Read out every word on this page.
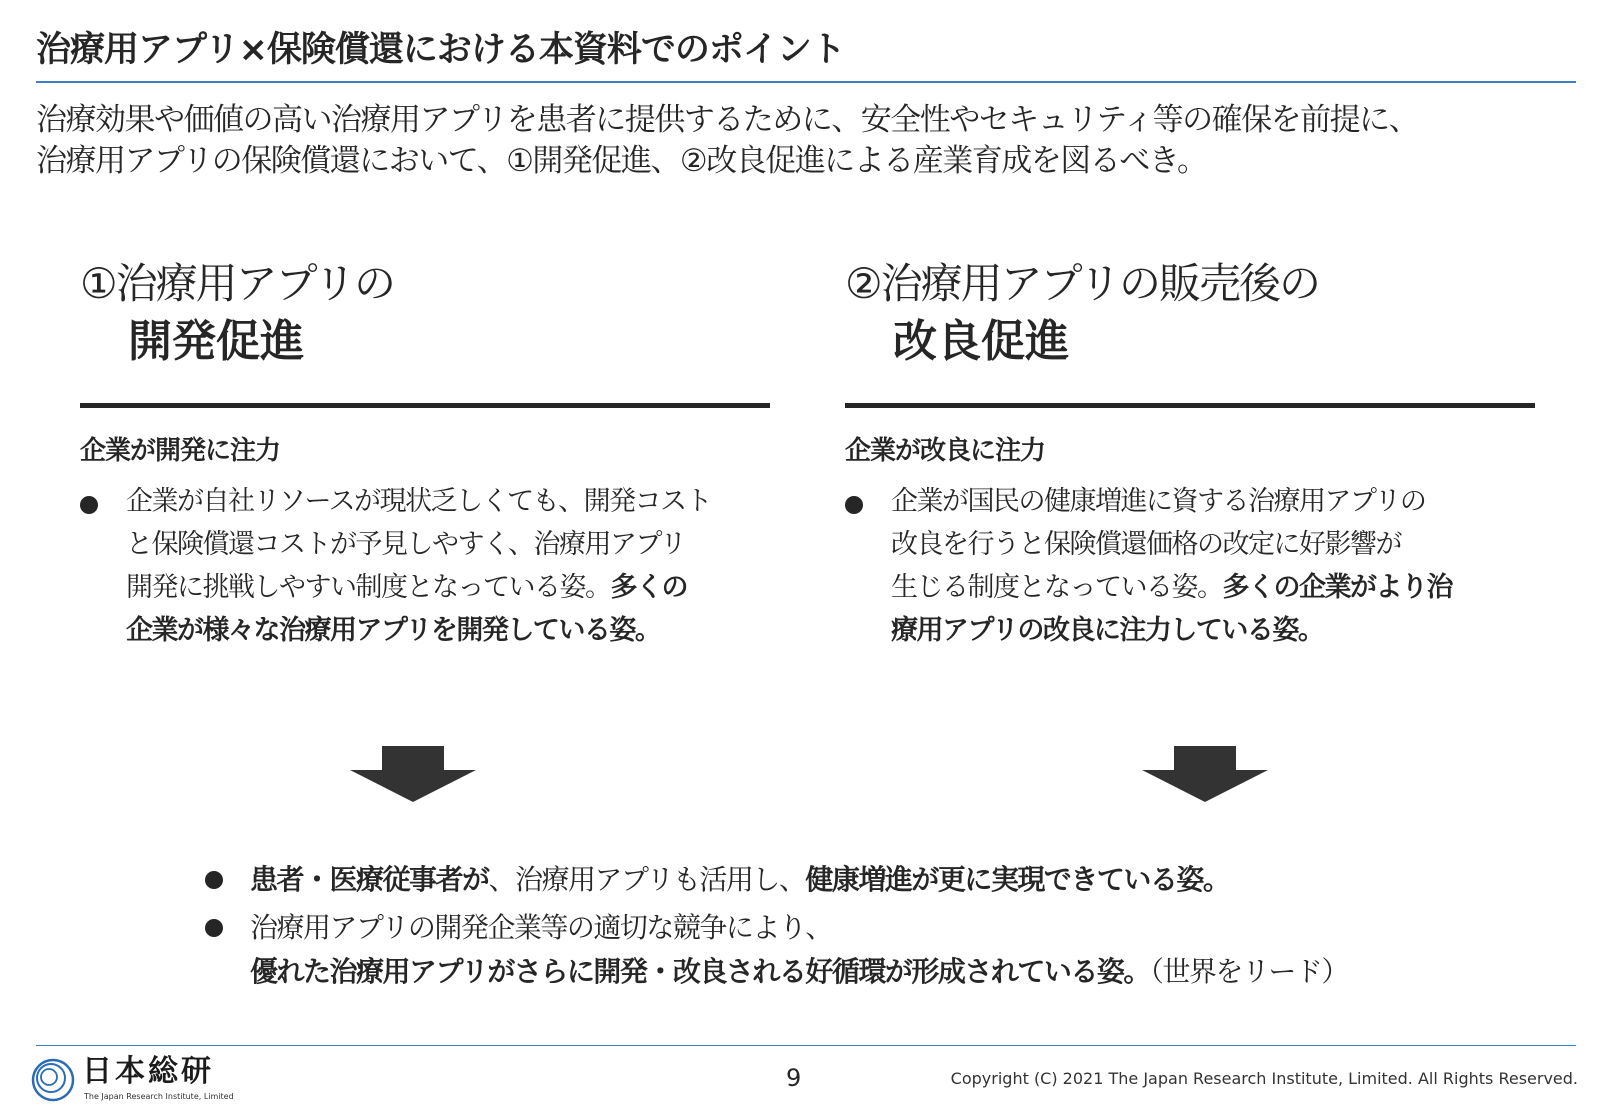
治療用アプリ×保険償還における本資料でのポイント
治療効果や価値の高い治療用アプリを患者に提供するために、安全性やセキュリティ等の確保を前提に、
治療用アプリの保険償還において、①開発促進、②改良促進による産業育成を図るべき。
①治療用アプリの
開発促進
企業が開発に注力
企業が自社リソースが現状乏しくても、開発コスト
と保険償還コストが予見しやすく、治療用アプリ
開発に挑戦しやすい制度となっている姿。多くの
企業が様々な治療用アプリを開発している姿。
②治療用アプリの販売後の
改良促進
企業が改良に注力
企業が国民の健康増進に資する治療用アプリの
改良を行うと保険償還価格の改定に好影響が
生じる制度となっている姿。多くの企業がより治
療用アプリの改良に注力している姿。
患者・医療従事者が、治療用アプリも活用し、健康増進が更に実現できている姿。
治療用アプリの開発企業等の適切な競争により、
優れた治療用アプリがさらに開発・改良される好循環が形成されている姿。（世界をリード）
日本総研
The Japan Research Institute, Limited
9	Copyright (C) 2021 The Japan Research Institute, Limited. All Rights Reserved.
